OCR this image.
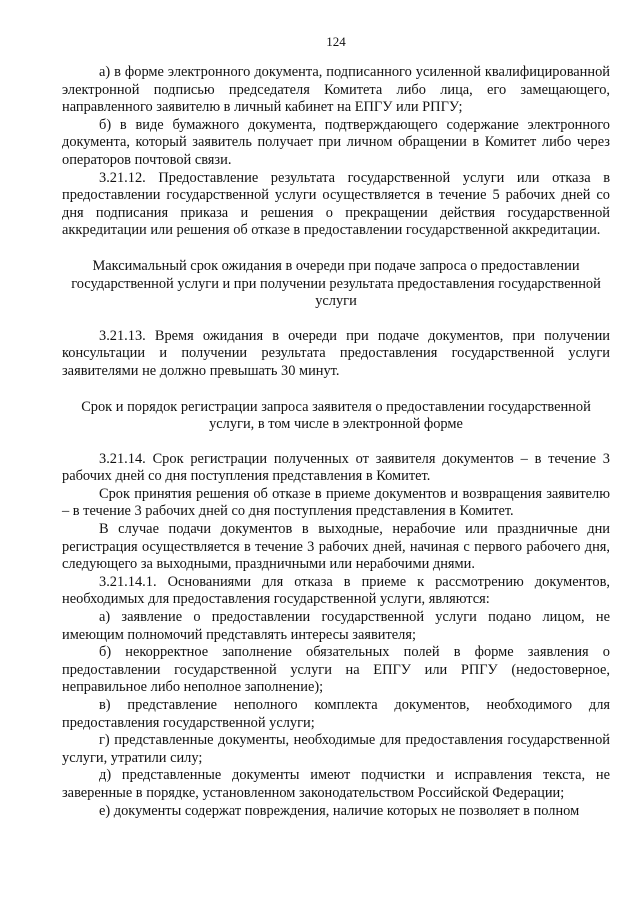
124

а) в форме электронного документа, подписанного усиленной квалифицированной электронной подписью председателя Комитета либо лица, его замещающего, направленного заявителю в личный кабинет на ЕПГУ или РПГУ;

б) в виде бумажного документа, подтверждающего содержание электронного документа, который заявитель получает при личном обращении в Комитет либо через операторов почтовой связи.

3.21.12. Предоставление результата государственной услуги или отказа в предоставлении государственной услуги осуществляется в течение 5 рабочих дней со дня подписания приказа и решения о прекращении действия государственной аккредитации или решения об отказе в предоставлении государственной аккредитации.

Максимальный срок ожидания в очереди при подаче запроса о предоставлении государственной услуги и при получении результата предоставления государственной услуги

3.21.13. Время ожидания в очереди при подаче документов, при получении консультации и получении результата предоставления государственной услуги заявителями не должно превышать 30 минут.

Срок и порядок регистрации запроса заявителя о предоставлении государственной услуги, в том числе в электронной форме

3.21.14. Срок регистрации полученных от заявителя документов – в течение 3 рабочих дней со дня поступления представления в Комитет.

Срок принятия решения об отказе в приеме документов и возвращения заявителю – в течение 3 рабочих дней со дня поступления представления в Комитет.

В случае подачи документов в выходные, нерабочие или праздничные дни регистрация осуществляется в течение 3 рабочих дней, начиная с первого рабочего дня, следующего за выходными, праздничными или нерабочими днями.

3.21.14.1. Основаниями для отказа в приеме к рассмотрению документов, необходимых для предоставления государственной услуги, являются:

а) заявление о предоставлении государственной услуги подано лицом, не имеющим полномочий представлять интересы заявителя;

б) некорректное заполнение обязательных полей в форме заявления о предоставлении государственной услуги на ЕПГУ или РПГУ (недостоверное, неправильное либо неполное заполнение);

в) представление неполного комплекта документов, необходимого для предоставления государственной услуги;

г) представленные документы, необходимые для предоставления государственной услуги, утратили силу;

д) представленные документы имеют подчистки и исправления текста, не заверенные в порядке, установленном законодательством Российской Федерации;

е) документы содержат повреждения, наличие которых не позволяет в полном
